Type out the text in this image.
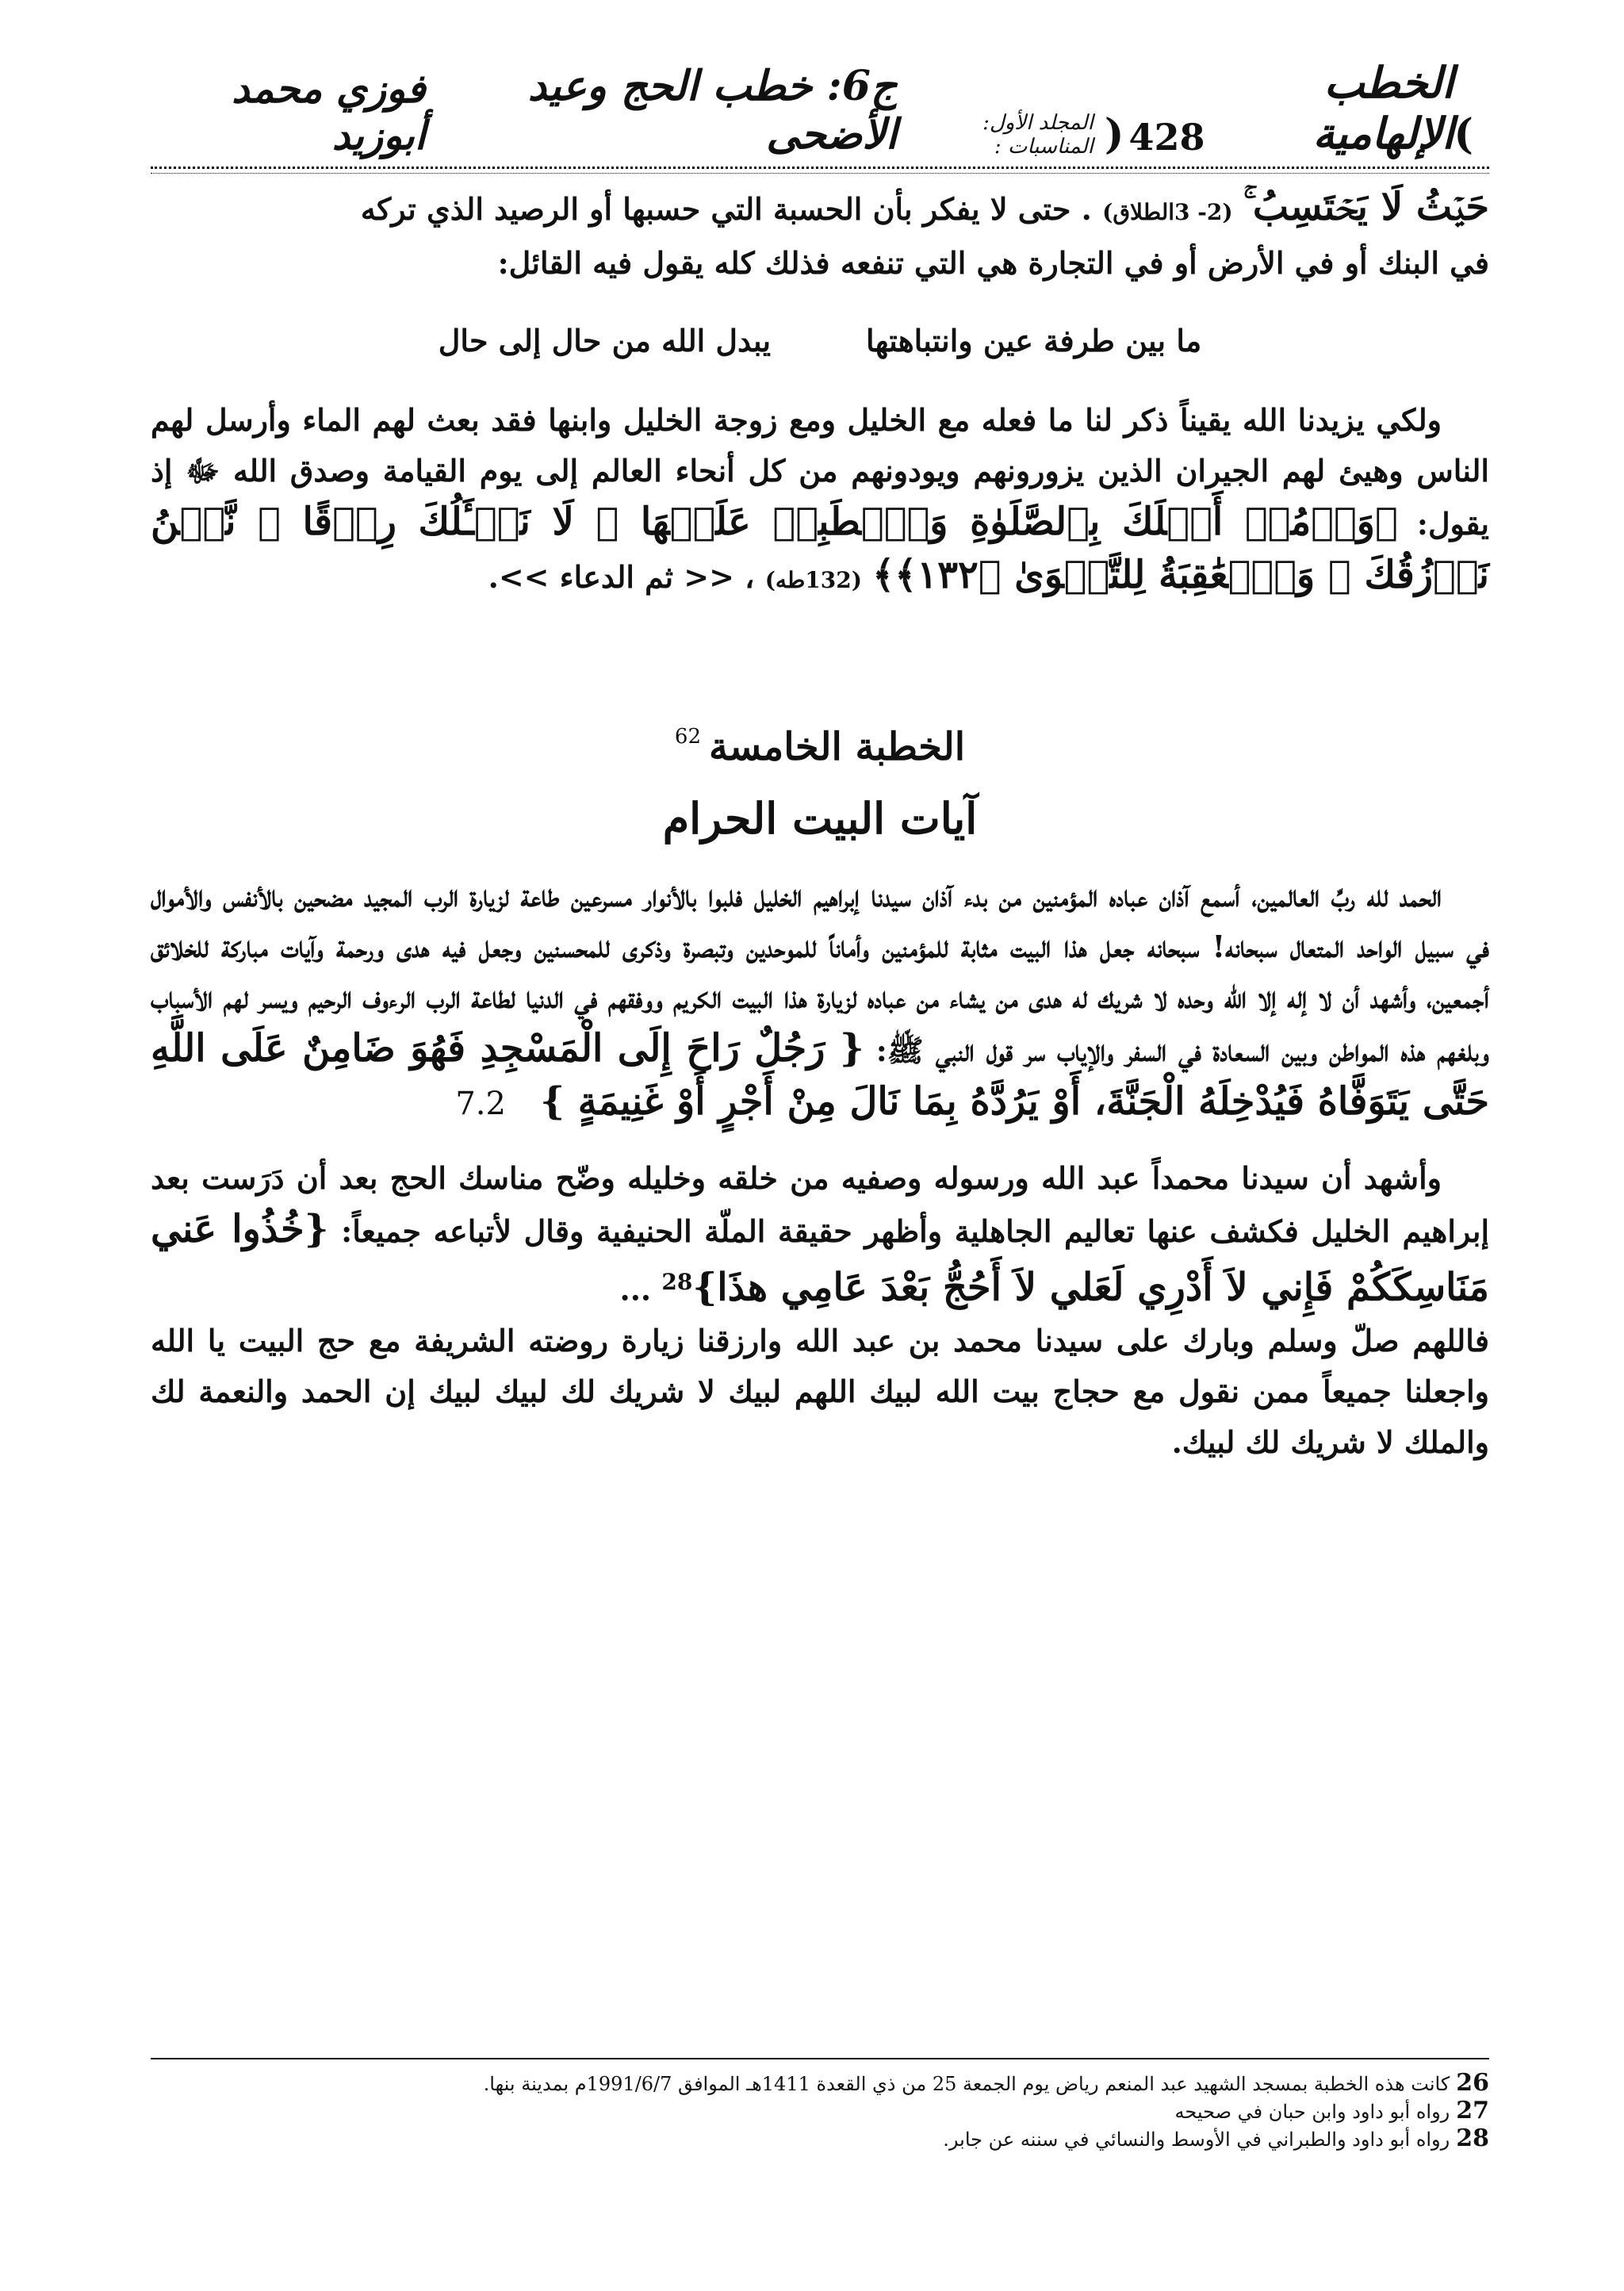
)
الخطب الإلهامية
428
(
المجلد الأول: المناسبات :
ج6: خطب الحج وعيد الأضحى
فوزي محمد أبوزيد

حَيۡثُ لَا يَحۡتَسِبُ ۚ (2- 3الطلاق) . حتى لا يفكر بأن الحسبة التي حسبها أو الرصيد الذي تركه

في البنك أو في الأرض أو في التجارة هي التي تنفعه فذلك كله يقول فيه القائل:

ما بين طرفة عين وانتباهتها
يبدل الله من حال إلى حال

ولكي يزيدنا الله يقيناً ذكر لنا ما فعله مع الخليل ومع زوجة الخليل وابنها فقد بعث لهم الماء وأرسل لهم الناس وهيئ لهم الجيران الذين يزورونهم ويودونهم من كل أنحاء العالم إلى يوم القيامة وصدق الله ﷻ إذ يقول: ﴿وَأۡمُرۡ أَهۡلَكَ بِٱلصَّلَوٰةِ وَٱصۡطَبِرۡ عَلَيۡهَا ۖ لَا نَسۡـَٔلُكَ رِزۡقًا ۖ نَّحۡنُ نَرۡزُقُكَ ۗ وَٱلۡعَٰقِبَةُ لِلتَّقۡوَىٰ ﴿١٣٢﴾﴾ (132طه) ، << ثم الدعاء >>.

الخطبة الخامسة$^{62}$
آيات البيت الحرام

الحمد لله ربِّ العالمين، أسمع آذان عباده المؤمنين من بدء آذان سيدنا إبراهيم الخليل فلبوا بالأنوار مسرعين طاعة لزيارة الرب المجيد مضحين بالأنفس والأموال في سبيل الواحد المتعال سبحانه! سبحانه جعل هذا البيت مثابة للمؤمنين وأماناً للموحدين وتبصرة وذكرى للمحسنين وجعل فيه هدى ورحمة وآيات مباركة للخلائق أجمعين، وأشهد أن لا إله إلا الله وحده لا شريك له هدى من يشاء من عباده لزيارة هذا البيت الكريم ووفقهم في الدنيا لطاعة الرب الرءوف الرحيم ويسر لهم الأسباب وبلغهم هذه المواطن وبين السعادة في السفر والإياب سر قول النبي ﷺ: { رَجُلٌ رَاحَ إِلَى الْمَسْجِدِ فَهُوَ ضَامِنٌ عَلَى اللَّهِ حَتَّى يَتَوَفَّاهُ فَيُدْخِلَهُ الْجَنَّةَ، أَوْ يَرُدَّهُ بِمَا نَالَ مِنْ أَجْرٍ أَوْ غَنِيمَةٍ } 7.2

وأشهد أن سيدنا محمداً عبد الله ورسوله وصفيه من خلقه وخليله وضّح مناسك الحج بعد أن دَرَست بعد إبراهيم الخليل فكشف عنها تعاليم الجاهلية وأظهر حقيقة الملّة الحنيفية وقال لأتباعه جميعاً: {خُذُوا عَني مَنَاسِكَكُمْ فَإِني لاَ أَدْرِي لَعَلي لاَ أَحُجُّ بَعْدَ عَامِي هذَا}$^{28}$ ...

فاللهم صلّ وسلم وبارك على سيدنا محمد بن عبد الله وارزقنا زيارة روضته الشريفة مع حج البيت يا الله واجعلنا جميعاً ممن نقول مع حجاج بيت الله لبيك اللهم لبيك لا شريك لك لبيك لبيك إن الحمد والنعمة لك والملك لا شريك لك لبيك.

26كانت هذه الخطبة بمسجد الشهيد عبد المنعم رياض يوم الجمعة 25 من ذي القعدة 1411هـ الموافق 1991/6/7م بمدينة بنها.
27رواه أبو داود وابن حبان في صحيحه
28رواه أبو داود والطبراني في الأوسط والنسائي في سننه عن جابر.
